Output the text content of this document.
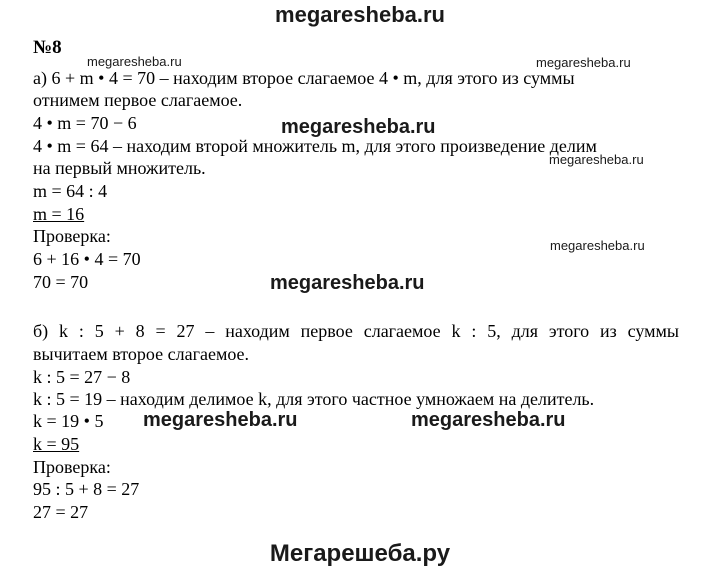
megaresheba.ru
№8
megaresheba.ru	megaresheba.ru
megaresheba.ru
megaresheba.ru
megaresheba.ru
megaresheba.ru
megaresheba.ru	megaresheba.ru
а) 6 + m • 4 = 70 – находим второе слагаемое 4 • m, для этого из суммы
отнимем первое слагаемое.
4 • m = 70 − 6
4 • m = 64 – находим второй множитель m, для этого произведение делим
на первый множитель.
m = 64 : 4
m = 16
Проверка:
6 + 16 • 4 = 70
70 = 70
б) k : 5 + 8 = 27 – находим первое слагаемое k : 5, для этого из суммы
вычитаем второе слагаемое.
k : 5 = 27 − 8
k : 5 = 19 – находим делимое k, для этого частное умножаем на делитель.
k = 19 • 5
k = 95
Проверка:
95 : 5 + 8 = 27
27 = 27
Мегарешеба.ру
